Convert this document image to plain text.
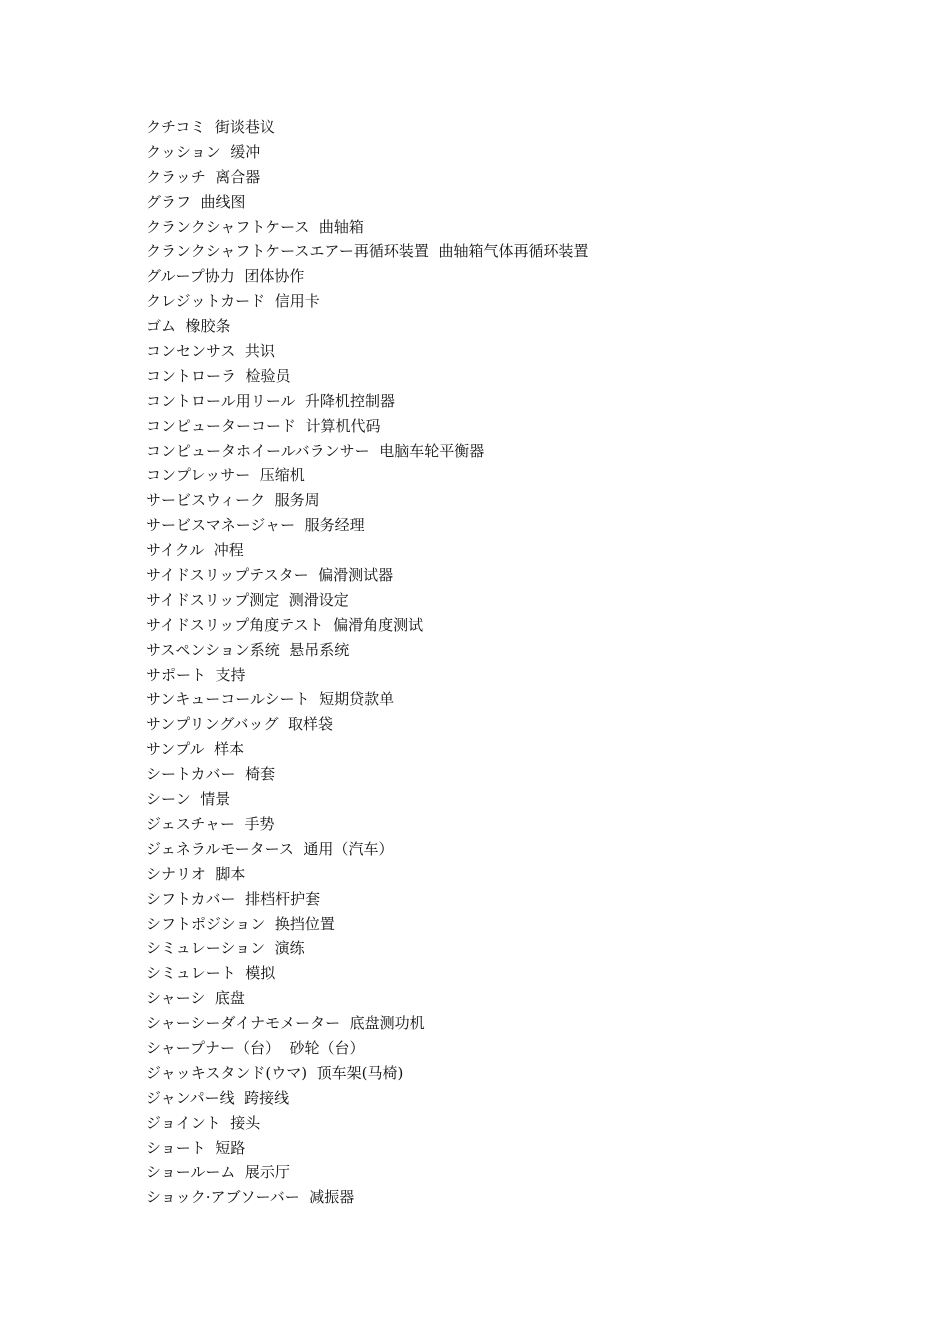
クチコミ  街谈巷议
クッション  缓冲
クラッチ  离合器
グラフ  曲线图
クランクシャフトケース  曲轴箱
クランクシャフトケースエアー再循环装置  曲轴箱气体再循环装置
グループ协力  团体协作
クレジットカード  信用卡
ゴム  橡胶条
コンセンサス  共识
コントローラ  检验员
コントロール用リール  升降机控制器
コンピューターコード  计算机代码
コンピュータホイールバランサー  电脑车轮平衡器
コンプレッサー  压缩机
サービスウィーク  服务周
サービスマネージャー  服务经理
サイクル  冲程
サイドスリップテスター  偏滑测试器
サイドスリップ测定  测滑设定
サイドスリップ角度テスト  偏滑角度测试
サスペンション系统  悬吊系统
サポート  支持
サンキューコールシート  短期贷款单
サンプリングバッグ  取样袋
サンプル  样本
シートカバー  椅套
シーン  情景
ジェスチャー  手势
ジェネラルモータース  通用（汽车）
シナリオ  脚本
シフトカバー  排档杆护套
シフトポジション  换挡位置
シミュレーション  演练
シミュレート  模拟
シャーシ  底盘
シャーシーダイナモメーター  底盘测功机
シャープナー（台）  砂轮（台）
ジャッキスタンド(ウマ)  顶车架(马椅)
ジャンパー线  跨接线
ジョイント  接头
ショート  短路
ショールーム  展示厅
ショック·アブソーバー  减振器
